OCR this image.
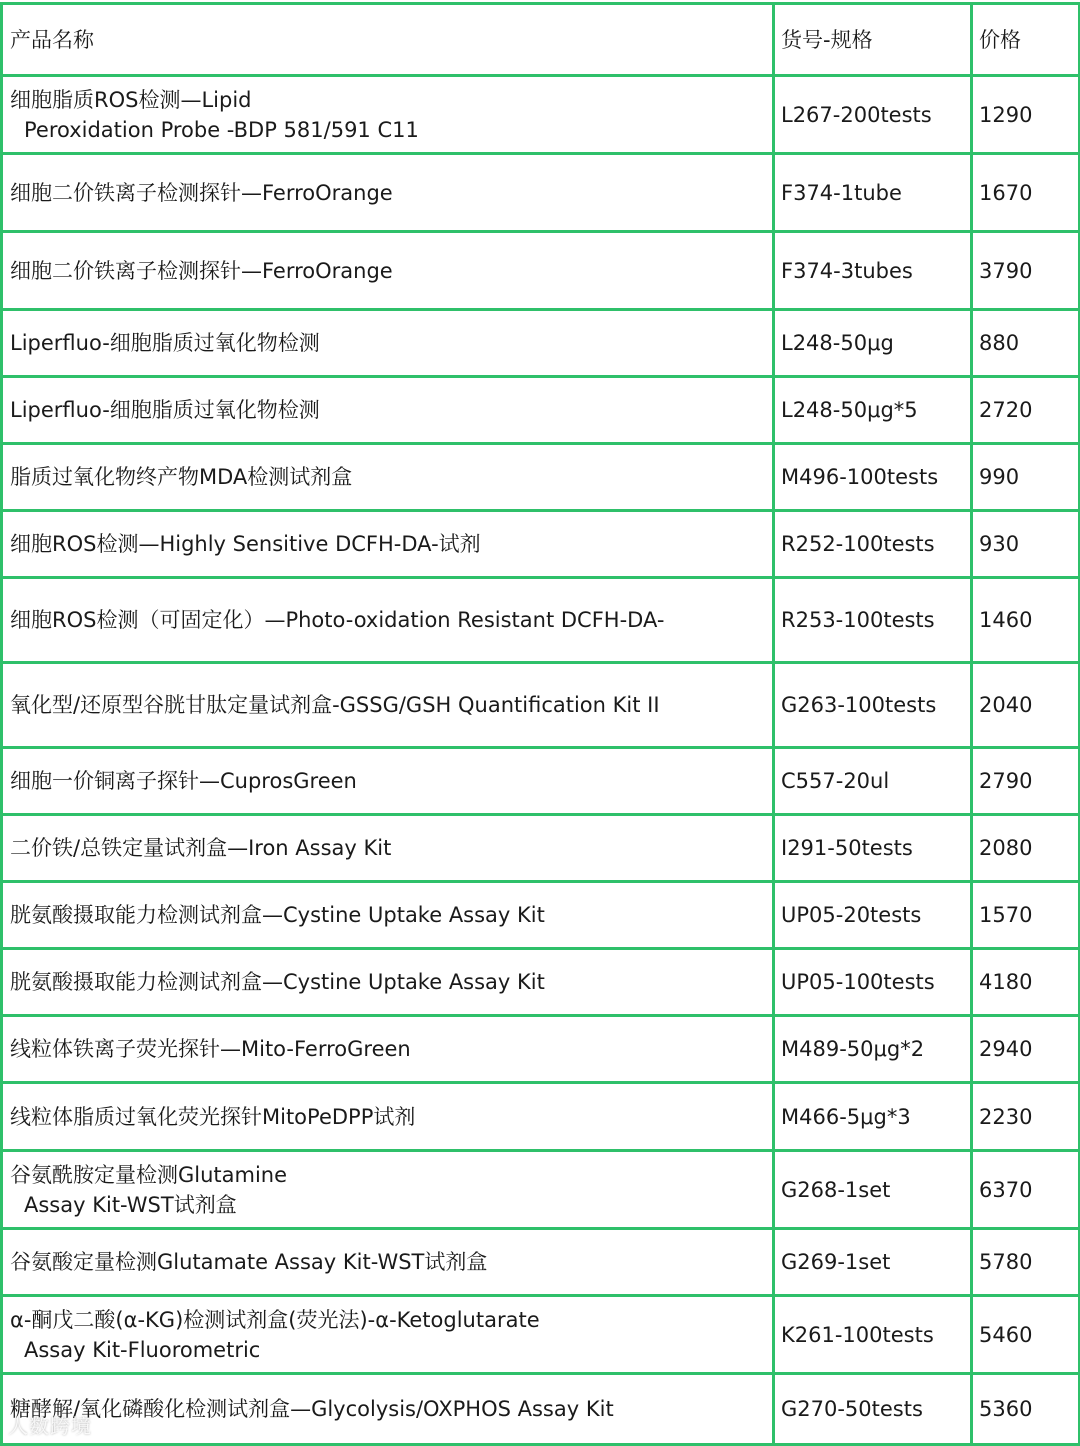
产品名称	货号-规格	价格

细胞脂质ROS检测—Lipid
Peroxidation Probe -BDP 581/591 C11	L267-200tests	1290

细胞二价铁离子检测探针—FerroOrange	F374-1tube	1670

细胞二价铁离子检测探针—FerroOrange	F374-3tubes	3790

Liperfluo-细胞脂质过氧化物检测	L248-50μg	880

Liperfluo-细胞脂质过氧化物检测	L248-50μg*5	2720

脂质过氧化物终产物MDA检测试剂盒	M496-100tests	990

细胞ROS检测—Highly Sensitive DCFH-DA-试剂	R252-100tests	930

细胞ROS检测（可固定化）—Photo-oxidation Resistant DCFH-DA-	R253-100tests	1460

氧化型/还原型谷胱甘肽定量试剂盒-GSSG/GSH Quantification Kit II	G263-100tests	2040

细胞一价铜离子探针—CuprosGreen	C557-20ul	2790

二价铁/总铁定量试剂盒—Iron Assay Kit	I291-50tests	2080

胱氨酸摄取能力检测试剂盒—Cystine Uptake Assay Kit	UP05-20tests	1570

胱氨酸摄取能力检测试剂盒—Cystine Uptake Assay Kit	UP05-100tests	4180

线粒体铁离子荧光探针—Mito-FerroGreen	M489-50μg*2	2940

线粒体脂质过氧化荧光探针MitoPeDPP试剂	M466-5μg*3	2230

谷氨酰胺定量检测Glutamine
Assay Kit-WST试剂盒	G268-1set	6370

谷氨酸定量检测Glutamate Assay Kit-WST试剂盒	G269-1set	5780

α-酮戊二酸(α-KG)检测试剂盒(荧光法)-α-Ketoglutarate
Assay Kit-Fluorometric	K261-100tests	5460

糖酵解/氧化磷酸化检测试剂盒—Glycolysis/OXPHOS Assay Kit	G270-50tests	5360
人数跨境
